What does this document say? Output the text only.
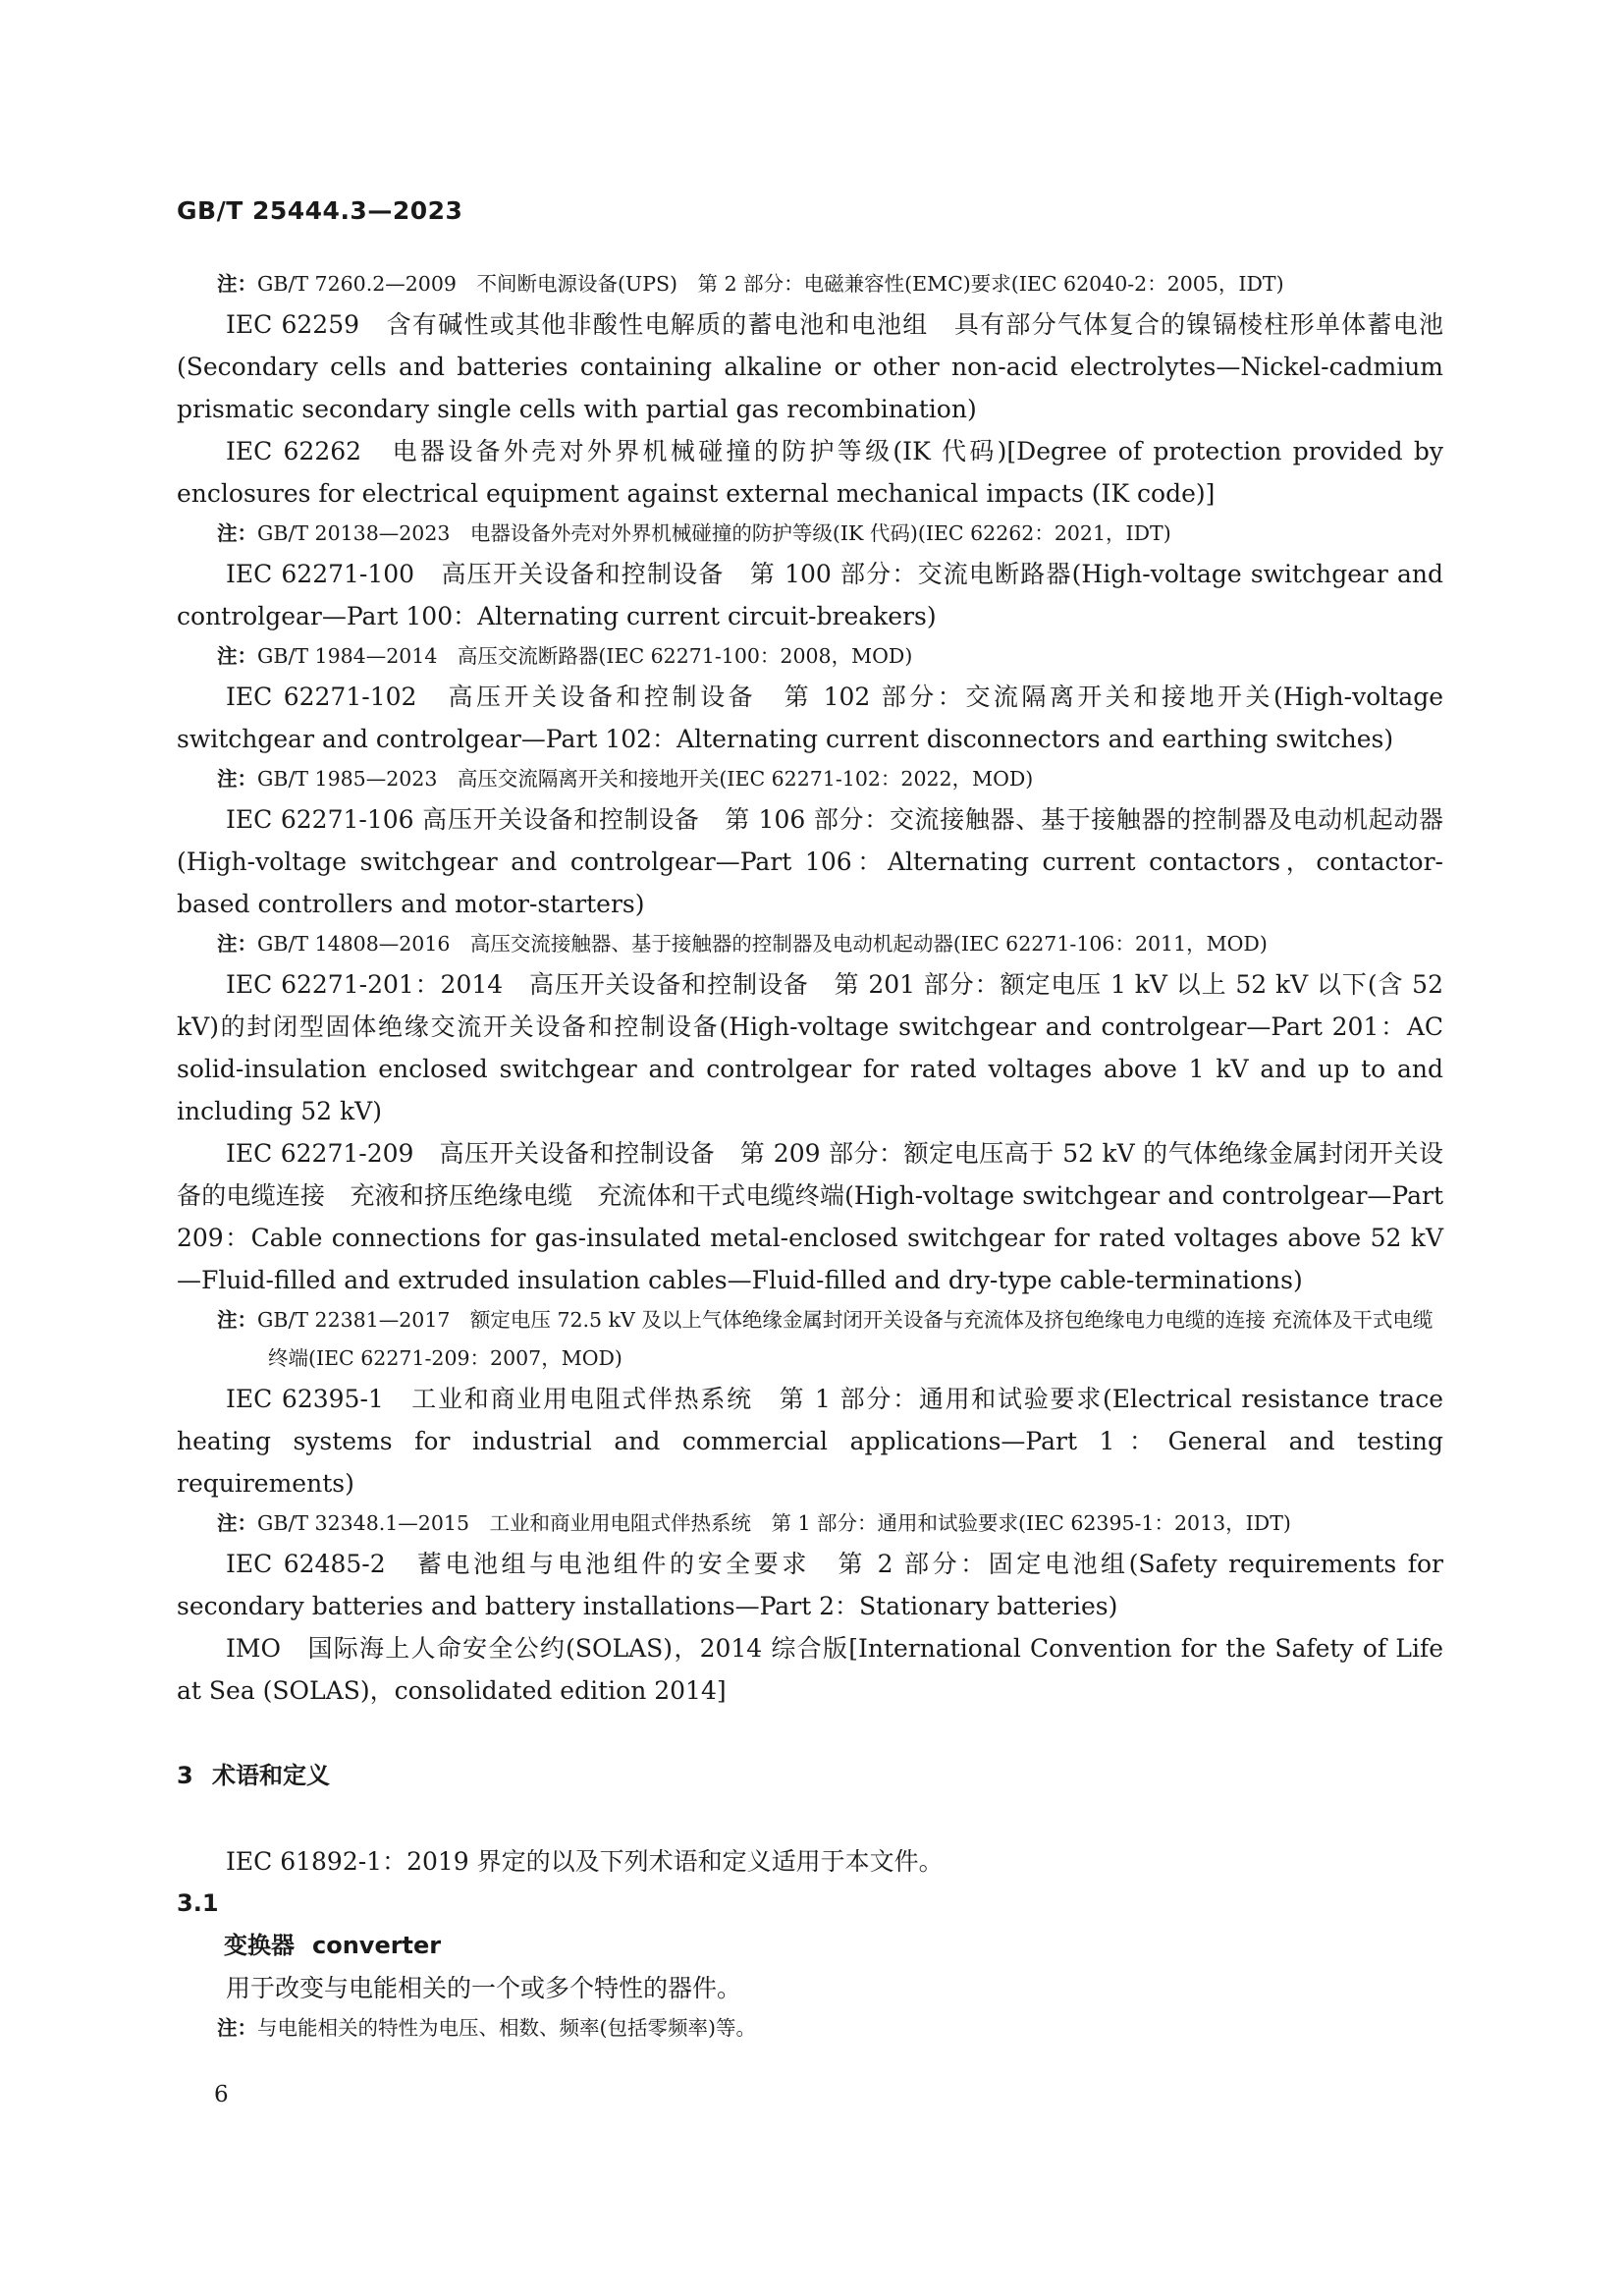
GB/T 25444.3—2023

注：GB/T 7260.2—2009　不间断电源设备(UPS)　第 2 部分：电磁兼容性(EMC)要求(IEC 62040-2：2005，IDT)

IEC 62259　含有碱性或其他非酸性电解质的蓄电池和电池组　具有部分气体复合的镍镉棱柱形单体蓄电池(Secondary cells and batteries containing alkaline or other non-acid electrolytes—Nickel-cadmium prismatic secondary single cells with partial gas recombination)

IEC 62262　电器设备外壳对外界机械碰撞的防护等级(IK 代码)[Degree of protection provided by enclosures for electrical equipment against external mechanical impacts (IK code)]

注：GB/T 20138—2023　电器设备外壳对外界机械碰撞的防护等级(IK 代码)(IEC 62262：2021，IDT)

IEC 62271-100　高压开关设备和控制设备　第 100 部分：交流电断路器(High-voltage switchgear and controlgear—Part 100：Alternating current circuit-breakers)

注：GB/T 1984—2014　高压交流断路器(IEC 62271-100：2008，MOD)

IEC 62271-102　高压开关设备和控制设备　第 102 部分：交流隔离开关和接地开关(High-voltage switchgear and controlgear—Part 102：Alternating current disconnectors and earthing switches)

注：GB/T 1985—2023　高压交流隔离开关和接地开关(IEC 62271-102：2022，MOD)

IEC 62271-106 高压开关设备和控制设备　第 106 部分：交流接触器、基于接触器的控制器及电动机起动器(High-voltage switchgear and controlgear—Part 106：Alternating current contactors，contactor-based controllers and motor-starters)

注：GB/T 14808—2016　高压交流接触器、基于接触器的控制器及电动机起动器(IEC 62271-106：2011，MOD)

IEC 62271-201：2014　高压开关设备和控制设备　第 201 部分：额定电压 1 kV 以上 52 kV 以下(含 52 kV)的封闭型固体绝缘交流开关设备和控制设备(High-voltage switchgear and controlgear—Part 201：AC solid-insulation enclosed switchgear and controlgear for rated voltages above 1 kV and up to and including 52 kV)

IEC 62271-209　高压开关设备和控制设备　第 209 部分：额定电压高于 52 kV 的气体绝缘金属封闭开关设备的电缆连接　充液和挤压绝缘电缆　充流体和干式电缆终端(High-voltage switchgear and controlgear—Part 209：Cable connections for gas-insulated metal-enclosed switchgear for rated voltages above 52 kV—Fluid-filled and extruded insulation cables—Fluid-filled and dry-type cable-terminations)

注：GB/T 22381—2017　额定电压 72.5 kV 及以上气体绝缘金属封闭开关设备与充流体及挤包绝缘电力电缆的连接 充流体及干式电缆终端(IEC 62271-209：2007，MOD)

IEC 62395-1　工业和商业用电阻式伴热系统　第 1 部分：通用和试验要求(Electrical resistance trace heating systems for industrial and commercial applications—Part 1：General and testing requirements)

注：GB/T 32348.1—2015　工业和商业用电阻式伴热系统　第 1 部分：通用和试验要求(IEC 62395-1：2013，IDT)

IEC 62485-2　蓄电池组与电池组件的安全要求　第 2 部分：固定电池组(Safety requirements for secondary batteries and battery installations—Part 2：Stationary batteries)

IMO　国际海上人命安全公约(SOLAS)，2014 综合版[International Convention for the Safety of Life at Sea (SOLAS)，consolidated edition 2014]

3 术语和定义

IEC 61892-1：2019 界定的以及下列术语和定义适用于本文件。

3.1

变换器 converter

用于改变与电能相关的一个或多个特性的器件。

注：与电能相关的特性为电压、相数、频率(包括零频率)等。

6
